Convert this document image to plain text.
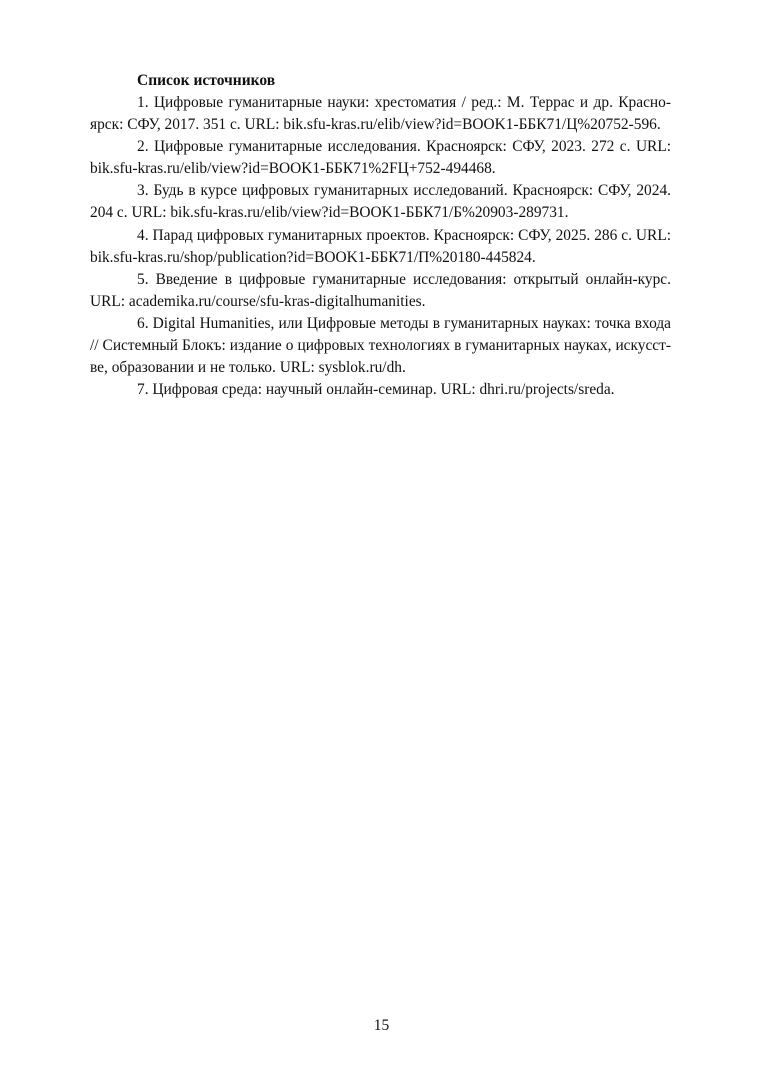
Список источников

1. Цифровые гуманитарные науки: хрестоматия / ред.: М. Террас и др. Красноярск: СФУ, 2017. 351 с. URL: bik.sfu-kras.ru/elib/view?id=BOOK1-ББК71/Ц%20752-596.

2. Цифровые гуманитарные исследования. Красноярск: СФУ, 2023. 272 с. URL: bik.sfu-kras.ru/elib/view?id=BOOK1-ББК71%2FЦ+752-494468.

3. Будь в курсе цифровых гуманитарных исследований. Красноярск: СФУ, 2024. 204 с. URL: bik.sfu-kras.ru/elib/view?id=BOOK1-ББК71/Б%20903-289731.

4. Парад цифровых гуманитарных проектов. Красноярск: СФУ, 2025. 286 с. URL: bik.sfu-kras.ru/shop/publication?id=BOOK1-ББК71/П%20180-445824.

5. Введение в цифровые гуманитарные исследования: открытый онлайн-курс. URL: academika.ru/course/sfu-kras-digitalhumanities.

6. Digital Humanities, или Цифровые методы в гуманитарных науках: точка входа // Системный Блокъ: издание о цифровых технологиях в гуманитарных науках, искусстве, образовании и не только. URL: sysblok.ru/dh.

7. Цифровая среда: научный онлайн-семинар. URL: dhri.ru/projects/sreda.

15
